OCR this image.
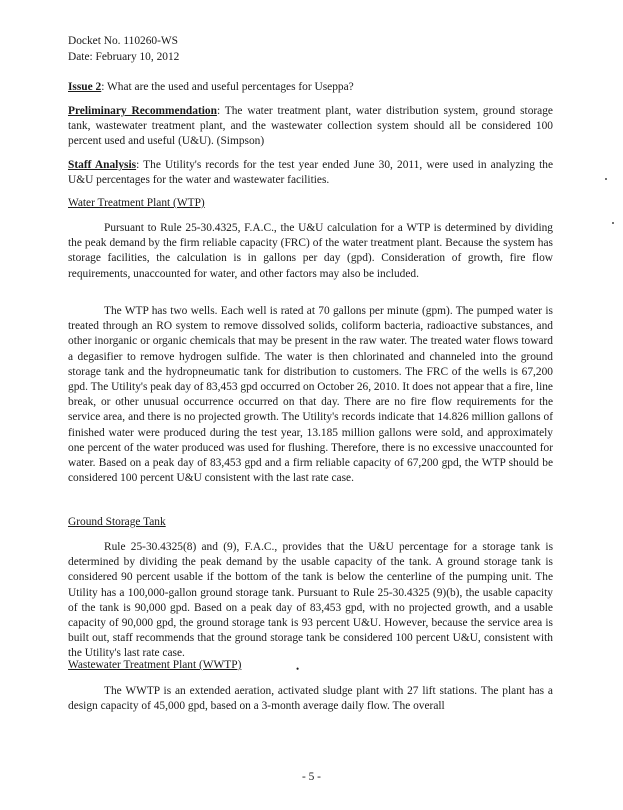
Docket No. 110260-WS
Date: February 10, 2012

Issue 2: What are the used and useful percentages for Useppa?

Preliminary Recommendation: The water treatment plant, water distribution system, ground storage tank, wastewater treatment plant, and the wastewater collection system should all be considered 100 percent used and useful (U&U). (Simpson)

Staff Analysis: The Utility's records for the test year ended June 30, 2011, were used in analyzing the U&U percentages for the water and wastewater facilities.

Water Treatment Plant (WTP)

Pursuant to Rule 25-30.4325, F.A.C., the U&U calculation for a WTP is determined by dividing the peak demand by the firm reliable capacity (FRC) of the water treatment plant. Because the system has storage facilities, the calculation is in gallons per day (gpd). Consideration of growth, fire flow requirements, unaccounted for water, and other factors may also be included.

The WTP has two wells. Each well is rated at 70 gallons per minute (gpm). The pumped water is treated through an RO system to remove dissolved solids, coliform bacteria, radioactive substances, and other inorganic or organic chemicals that may be present in the raw water. The treated water flows toward a degasifier to remove hydrogen sulfide. The water is then chlorinated and channeled into the ground storage tank and the hydropneumatic tank for distribution to customers. The FRC of the wells is 67,200 gpd. The Utility's peak day of 83,453 gpd occurred on October 26, 2010. It does not appear that a fire, line break, or other unusual occurrence occurred on that day. There are no fire flow requirements for the service area, and there is no projected growth. The Utility's records indicate that 14.826 million gallons of finished water were produced during the test year, 13.185 million gallons were sold, and approximately one percent of the water produced was used for flushing. Therefore, there is no excessive unaccounted for water. Based on a peak day of 83,453 gpd and a firm reliable capacity of 67,200 gpd, the WTP should be considered 100 percent U&U consistent with the last rate case.

Ground Storage Tank

Rule 25-30.4325(8) and (9), F.A.C., provides that the U&U percentage for a storage tank is determined by dividing the peak demand by the usable capacity of the tank. A ground storage tank is considered 90 percent usable if the bottom of the tank is below the centerline of the pumping unit. The Utility has a 100,000-gallon ground storage tank. Pursuant to Rule 25-30.4325 (9)(b), the usable capacity of the tank is 90,000 gpd. Based on a peak day of 83,453 gpd, with no projected growth, and a usable capacity of 90,000 gpd, the ground storage tank is 93 percent U&U. However, because the service area is built out, staff recommends that the ground storage tank be considered 100 percent U&U, consistent with the Utility's last rate case.

Wastewater Treatment Plant (WWTP)	•

The WWTP is an extended aeration, activated sludge plant with 27 lift stations. The plant has a design capacity of 45,000 gpd, based on a 3-month average daily flow. The overall

- 5 -
